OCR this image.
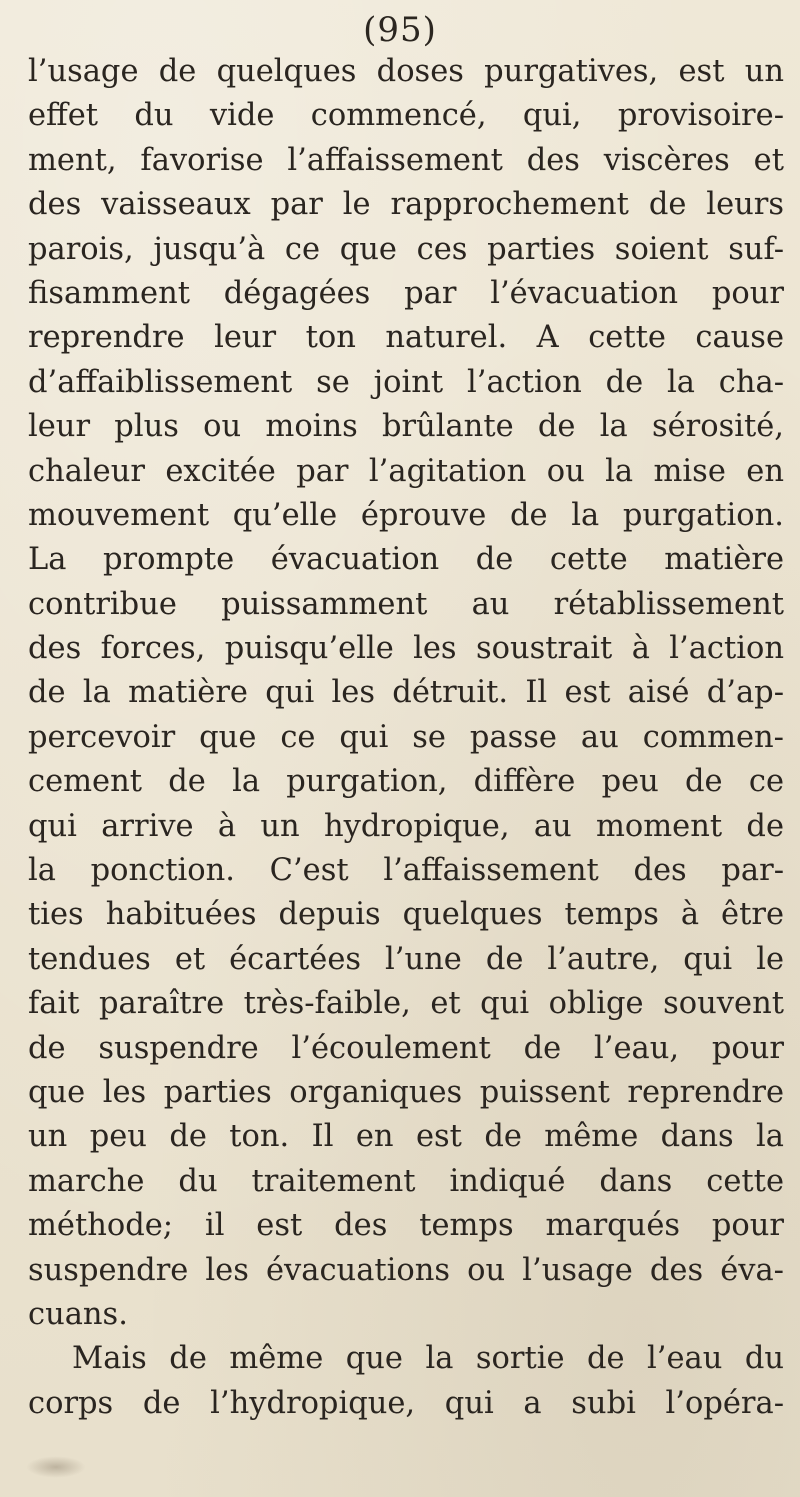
(95)
l’usage de quelques doses purgatives, est un
effet du vide commencé, qui, provisoire-
ment, favorise l’affaissement des viscères et
des vaisseaux par le rapprochement de leurs
parois, jusqu’à ce que ces parties soient suf-
fisamment dégagées par l’évacuation pour
reprendre leur ton naturel. A cette cause
d’affaiblissement se joint l’action de la cha-
leur plus ou moins brûlante de la sérosité,
chaleur excitée par l’agitation ou la mise en
mouvement qu’elle éprouve de la purgation.
La prompte évacuation de cette matière
contribue puissamment au rétablissement
des forces, puisqu’elle les soustrait à l’action
de la matière qui les détruit. Il est aisé d’ap-
percevoir que ce qui se passe au commen-
cement de la purgation, diffère peu de ce
qui arrive à un hydropique, au moment de
la ponction. C’est l’affaissement des par-
ties habituées depuis quelques temps à être
tendues et écartées l’une de l’autre, qui le
fait paraître très-faible, et qui oblige souvent
de suspendre l’écoulement de l’eau, pour
que les parties organiques puissent reprendre
un peu de ton. Il en est de même dans la
marche du traitement indiqué dans cette
méthode; il est des temps marqués pour
suspendre les évacuations ou l’usage des éva-
cuans.
Mais de même que la sortie de l’eau du
corps de l’hydropique, qui a subi l’opéra-
